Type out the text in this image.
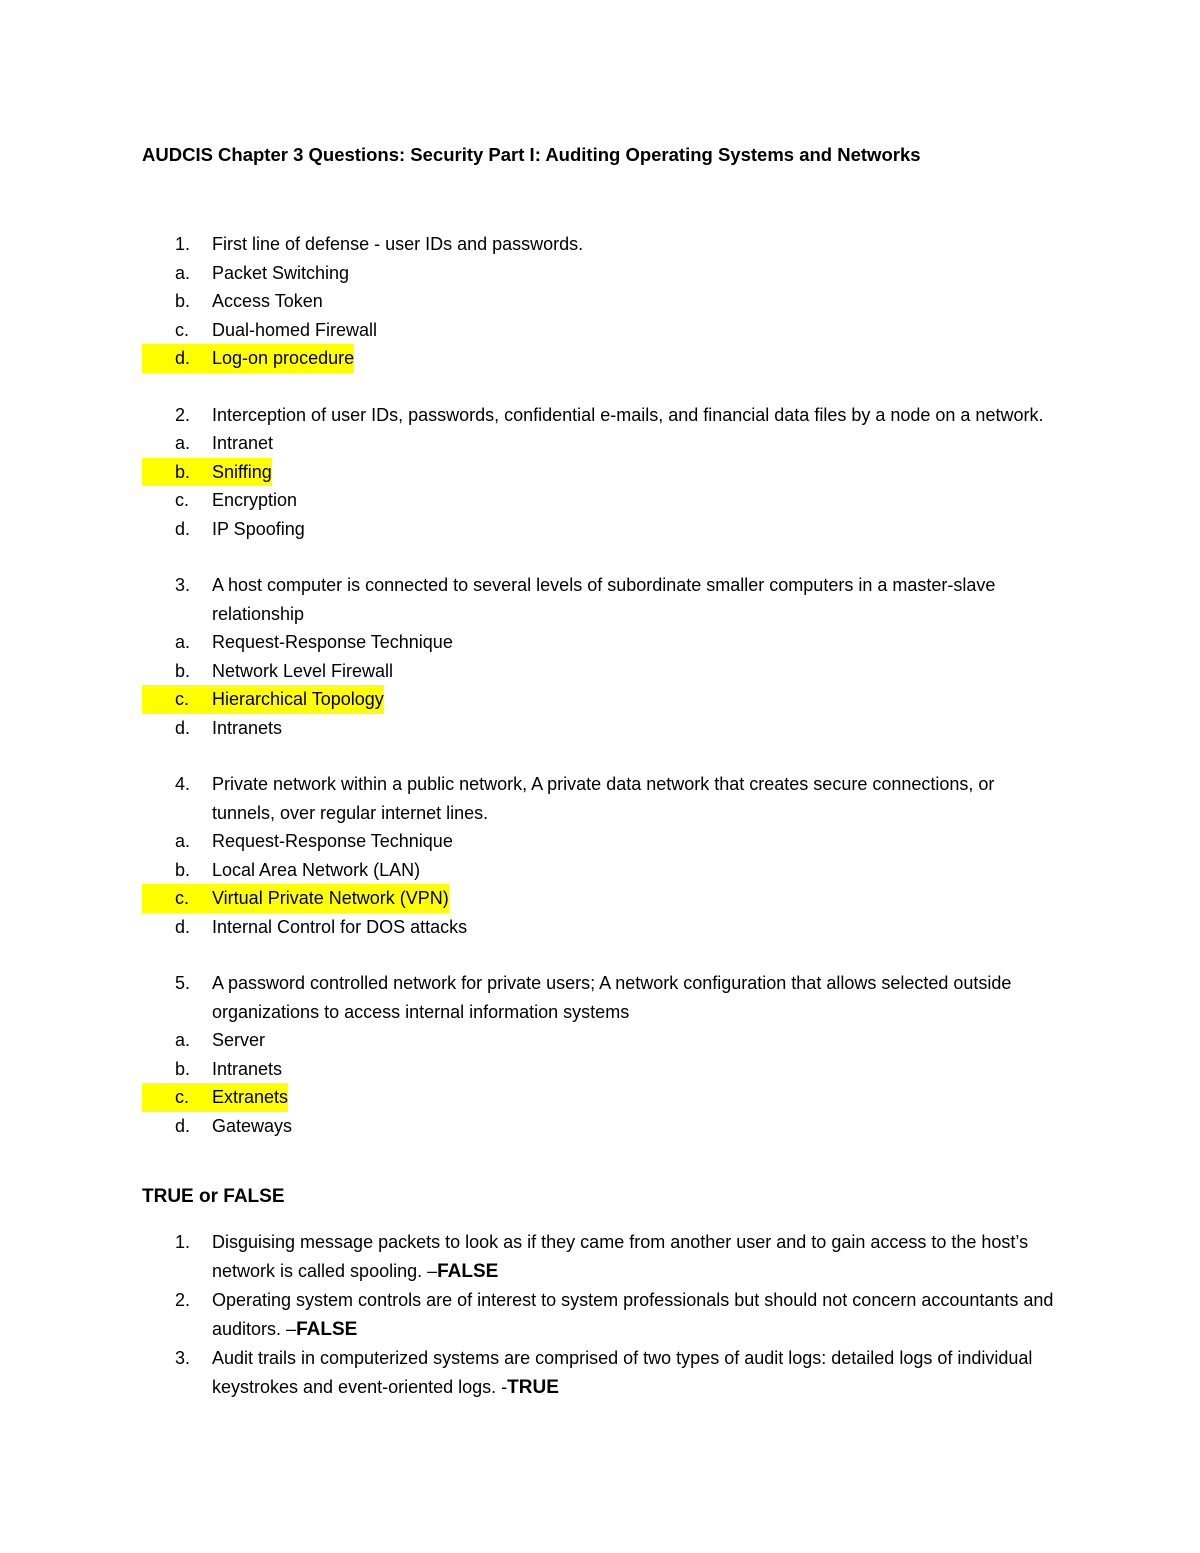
AUDCIS Chapter 3 Questions: Security Part I: Auditing Operating Systems and Networks
1.	First line of defense - user IDs and passwords.
a.	Packet Switching
b.	Access Token
c.	Dual-homed Firewall
d. Log-on procedure
2.	Interception of user IDs, passwords, confidential e-mails, and financial data files by a node on a network.
a.	Intranet
b. Sniffing
c.	Encryption
d.	IP Spoofing
3.	A host computer is connected to several levels of subordinate smaller computers in a master-slave relationship
a.	Request-Response Technique
b.	Network Level Firewall
c. Hierarchical Topology
d.	Intranets
4.	Private network within a public network, A private data network that creates secure connections, or tunnels, over regular internet lines.
a.	Request-Response Technique
b.	Local Area Network (LAN)
c. Virtual Private Network (VPN)
d.	Internal Control for DOS attacks
5.	A password controlled network for private users; A network configuration that allows selected outside organizations to access internal information systems
a.	Server
b.	Intranets
c. Extranets
d.	Gateways
TRUE or FALSE
1.	Disguising message packets to look as if they came from another user and to gain access to the host’s network is called spooling. –FALSE
2.	Operating system controls are of interest to system professionals but should not concern accountants and auditors. –FALSE
3.	Audit trails in computerized systems are comprised of two types of audit logs: detailed logs of individual keystrokes and event-oriented logs. -TRUE
